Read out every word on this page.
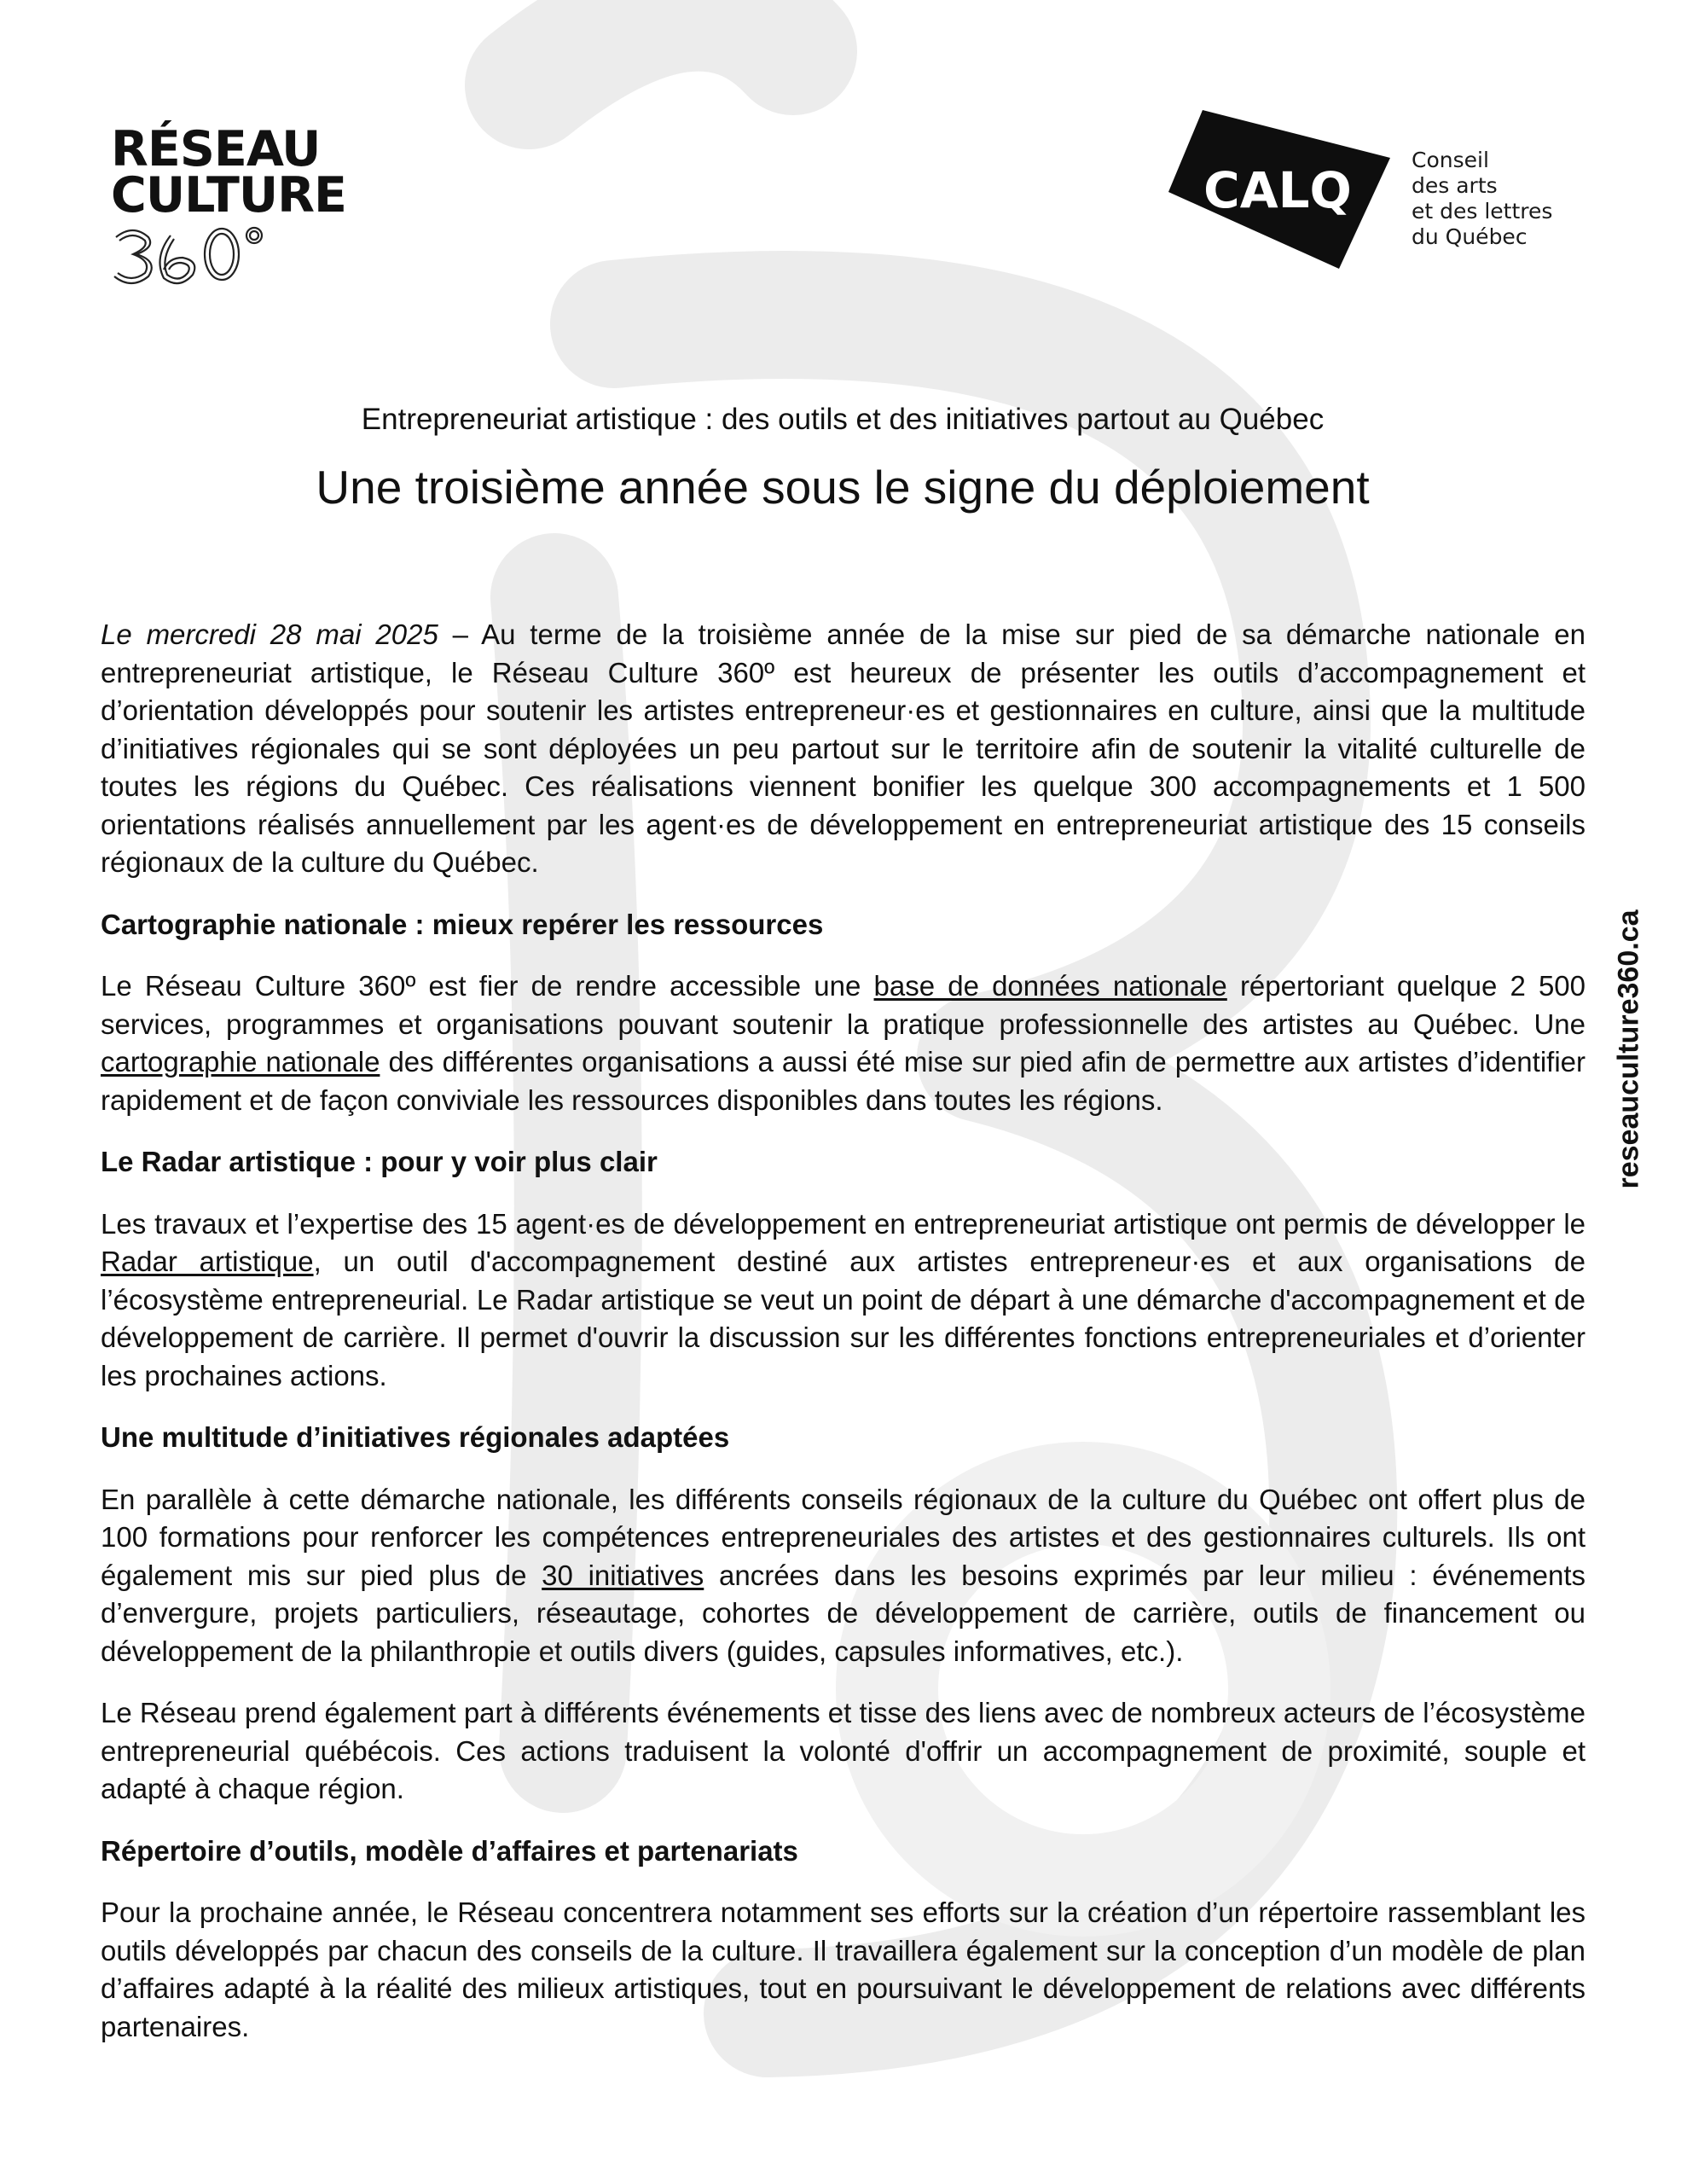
RÉSEAU
CULTURE	CALQ
Conseil
des arts
et des lettres
du Québec
reseauculture360.ca

Entrepreneuriat artistique : des outils et des initiatives partout au Québec

Une troisième année sous le signe du déploiement

Le mercredi 28 mai 2025 – Au terme de la troisième année de la mise sur pied de sa démarche nationale en entrepreneuriat artistique, le Réseau Culture 360º est heureux de présenter les outils d’accompagnement et d’orientation développés pour soutenir les artistes entrepreneur·es et gestionnaires en culture, ainsi que la multitude d’initiatives régionales qui se sont déployées un peu partout sur le territoire afin de soutenir la vitalité culturelle de toutes les régions du Québec. Ces réalisations viennent bonifier les quelque 300 accompagnements et 1 500 orientations réalisés annuellement par les agent·es de développement en entrepreneuriat artistique des 15 conseils régionaux de la culture du Québec.

Cartographie nationale : mieux repérer les ressources

Le Réseau Culture 360º est fier de rendre accessible une base de données nationale répertoriant quelque 2 500 services, programmes et organisations pouvant soutenir la pratique professionnelle des artistes au Québec. Une cartographie nationale des différentes organisations a aussi été mise sur pied afin de permettre aux artistes d’identifier rapidement et de façon conviviale les ressources disponibles dans toutes les régions.

Le Radar artistique : pour y voir plus clair

Les travaux et l’expertise des 15 agent·es de développement en entrepreneuriat artistique ont permis de développer le Radar artistique, un outil d'accompagnement destiné aux artistes entrepreneur·es et aux organisations de l’écosystème entrepreneurial. Le Radar artistique se veut un point de départ à une démarche d'accompagnement et de développement de carrière. Il permet d'ouvrir la discussion sur les différentes fonctions entrepreneuriales et d’orienter les prochaines actions.

Une multitude d’initiatives régionales adaptées

En parallèle à cette démarche nationale, les différents conseils régionaux de la culture du Québec ont offert plus de 100 formations pour renforcer les compétences entrepreneuriales des artistes et des gestionnaires culturels. Ils ont également mis sur pied plus de 30 initiatives ancrées dans les besoins exprimés par leur milieu : événements d’envergure, projets particuliers, réseautage, cohortes de développement de carrière, outils de financement ou développement de la philanthropie et outils divers (guides, capsules informatives, etc.).

Le Réseau prend également part à différents événements et tisse des liens avec de nombreux acteurs de l’écosystème entrepreneurial québécois. Ces actions traduisent la volonté d'offrir un accompagnement de proximité, souple et adapté à chaque région.

Répertoire d’outils, modèle d’affaires et partenariats

Pour la prochaine année, le Réseau concentrera notamment ses efforts sur la création d’un répertoire rassemblant les outils développés par chacun des conseils de la culture. Il travaillera également sur la conception d’un modèle de plan d’affaires adapté à la réalité des milieux artistiques, tout en poursuivant le développement de relations avec différents partenaires.
